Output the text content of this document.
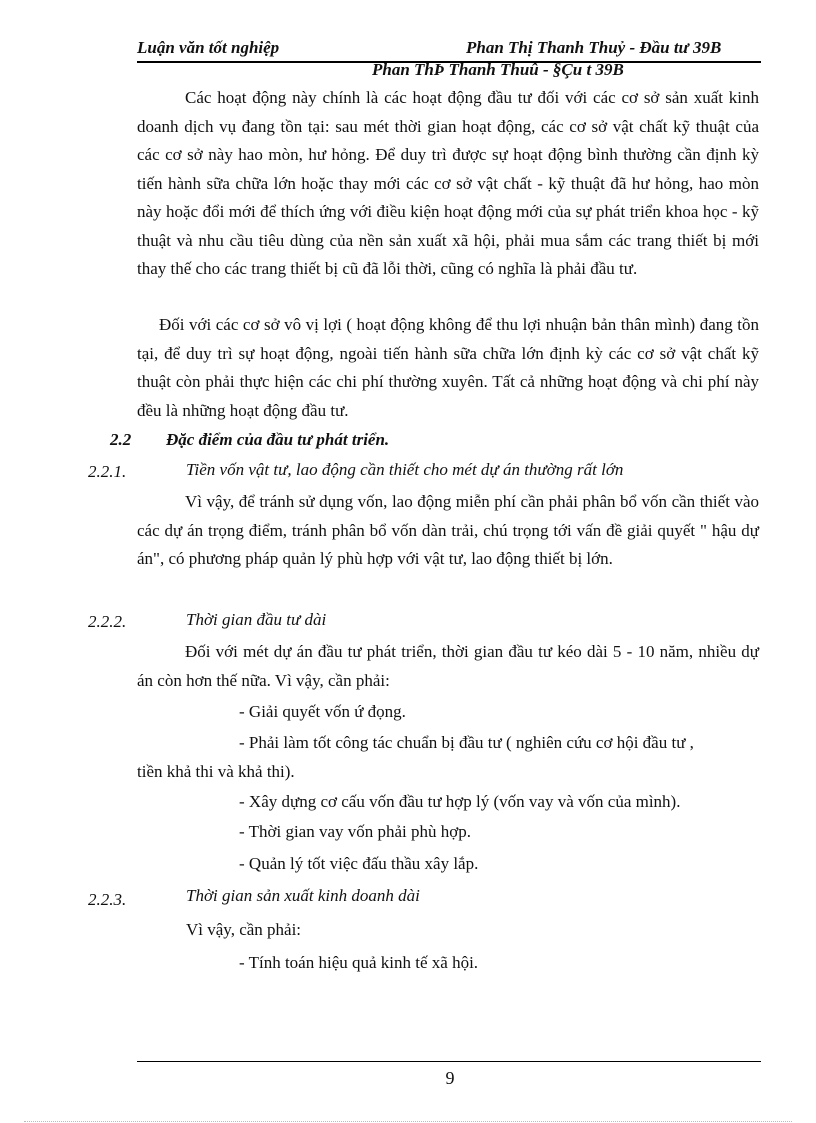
Luận văn tốt nghiệp	Phan Thị Thanh Thuỷ - Đầu tư 39B
Phan ThÞ Thanh Thuû - §Çu t 39B

Các hoạt động này chính là các hoạt động đầu tư đối với các cơ sở sản xuất kinh doanh dịch vụ đang tồn tại: sau mét thời gian hoạt động, các cơ sở vật chất kỹ thuật của các cơ sở này hao mòn, hư hỏng. Để duy trì được sự hoạt động bình thường cần định kỳ tiến hành sữa chữa lớn hoặc thay mới các cơ sở vật chất - kỹ thuật đã hư hỏng, hao mòn này hoặc đổi mới để thích ứng với điều kiện hoạt động mới của sự phát triển khoa học - kỹ thuật và nhu cầu tiêu dùng của nền sản xuất xã hội, phải mua sắm các trang thiết bị mới thay thế cho các trang thiết bị cũ đã lỗi thời, cũng có nghĩa là phải đầu tư.

Đối với các cơ sở vô vị lợi ( hoạt động không để thu lợi nhuận bản thân mình) đang tồn tại, để duy trì sự hoạt động, ngoài tiến hành sữa chữa lớn định kỳ các cơ sở vật chất kỹ thuật còn phải thực hiện các chi phí thường xuyên. Tất cả những hoạt động và chi phí này đều là những hoạt động đầu tư.

2.2 Đặc điểm của đầu tư phát triển.
2.2.1.	Tiền vốn vật tư, lao động cần thiết cho mét dự án thường rất lớn

Vì vậy, để tránh sử dụng vốn, lao động miễn phí cần phải phân bổ vốn cần thiết vào các dự án trọng điểm, tránh phân bổ vốn dàn trải, chú trọng tới vấn đề giải quyết " hậu dự án", có phương pháp quản lý phù hợp với vật tư, lao động thiết bị lớn.

2.2.2.	Thời gian đầu tư dài

Đối với mét dự án đầu tư phát triển, thời gian đầu tư kéo dài 5 - 10 năm, nhiều dự án còn hơn thế nữa. Vì vậy, cần phải:

- Giải quyết vốn ứ đọng.
- Phải làm tốt công tác chuẩn bị đầu tư ( nghiên cứu cơ hội đầu tư ,
tiền khả thi và khả thi).
- Xây dựng cơ cấu vốn đầu tư hợp lý (vốn vay và vốn của mình).
- Thời gian vay vốn phải phù hợp.
- Quản lý tốt việc đấu thầu xây lắp.
2.2.3.	Thời gian sản xuất kinh doanh dài
Vì vậy, cần phải:
- Tính toán hiệu quả kinh tế xã hội.
9
